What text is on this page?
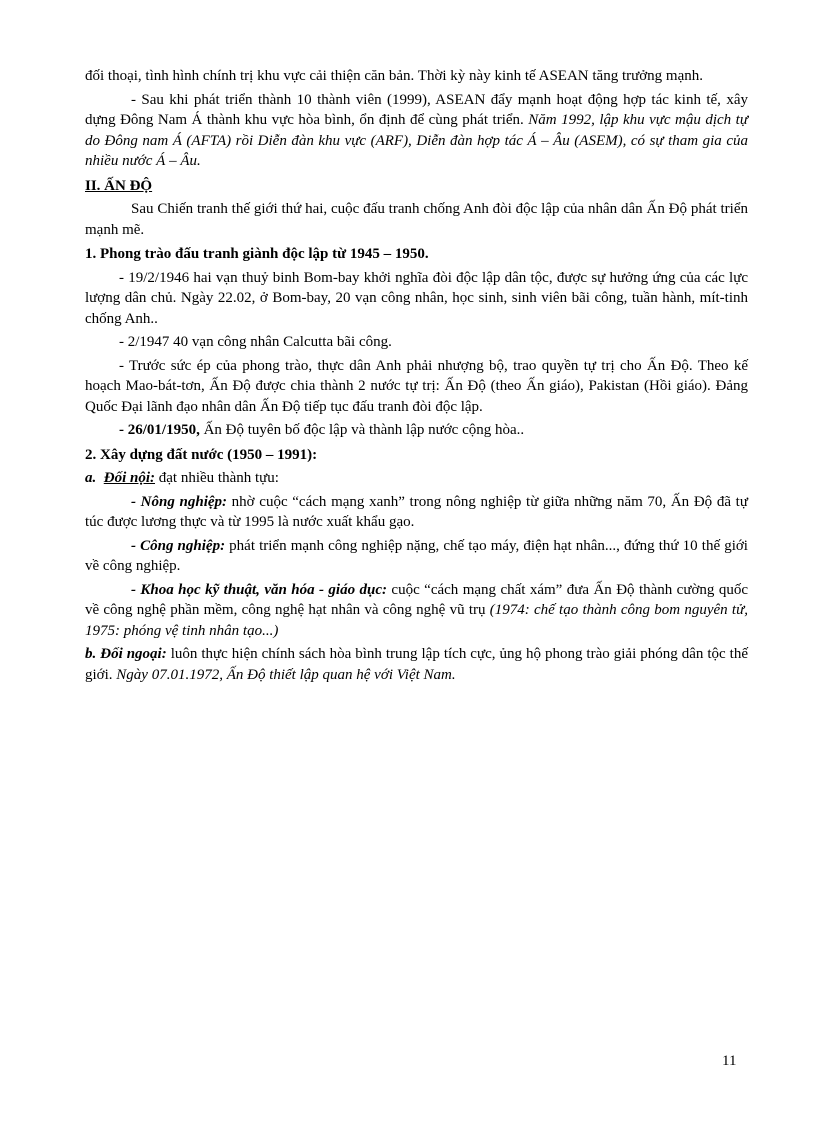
đối thoại, tình hình chính trị khu vực cải thiện căn bản. Thời kỳ này kinh tế ASEAN tăng trưởng mạnh.

- Sau khi phát triển thành 10 thành viên (1999), ASEAN đẩy mạnh hoạt động hợp tác kinh tế, xây dựng Đông Nam Á thành khu vực hòa bình, ổn định để cùng phát triển. Năm 1992, lập khu vực mậu dịch tự do Đông nam Á (AFTA) rồi Diễn đàn khu vực (ARF), Diễn đàn hợp tác Á – Âu (ASEM), có sự tham gia của nhiều nước Á – Âu.

II. ẤN ĐỘ

Sau Chiến tranh thế giới thứ hai, cuộc đấu tranh chống Anh đòi độc lập của nhân dân Ấn Độ phát triển mạnh mẽ.

1. Phong trào đấu tranh giành độc lập từ 1945 – 1950.

- 19/2/1946 hai vạn thuỷ binh Bom-bay khởi nghĩa đòi độc lập dân tộc, được sự hưởng ứng của các lực lượng dân chủ. Ngày 22.02, ở Bom-bay, 20 vạn công nhân, học sinh, sinh viên bãi công, tuần hành, mít-tinh chống Anh..

- 2/1947 40 vạn công nhân Calcutta bãi công.

- Trước sức ép của phong trào, thực dân Anh phải nhượng bộ, trao quyền tự trị cho Ấn Độ. Theo kế hoạch Mao-bát-tơn, Ấn Độ được chia thành 2 nước tự trị: Ấn Độ (theo Ấn giáo), Pakistan (Hồi giáo). Đảng Quốc Đại lãnh đạo nhân dân Ấn Độ tiếp tục đấu tranh đòi độc lập.

- 26/01/1950, Ấn Độ tuyên bố độc lập và thành lập nước cộng hòa..

2. Xây dựng đất nước (1950 – 1991):

a. Đối nội: đạt nhiều thành tựu:

- Nông nghiệp: nhờ cuộc “cách mạng xanh” trong nông nghiệp từ giữa những năm 70, Ấn Độ đã tự túc được lương thực và từ 1995 là nước xuất khẩu gạo.

- Công nghiệp: phát triển mạnh công nghiệp nặng, chế tạo máy, điện hạt nhân..., đứng thứ 10 thế giới về công nghiệp.

- Khoa học kỹ thuật, văn hóa - giáo dục: cuộc “cách mạng chất xám” đưa Ấn Độ thành cường quốc về công nghệ phần mềm, công nghệ hạt nhân và công nghệ vũ trụ (1974: chế tạo thành công bom nguyên tử, 1975: phóng vệ tinh nhân tạo...)

b. Đối ngoại: luôn thực hiện chính sách hòa bình trung lập tích cực, ủng hộ phong trào giải phóng dân tộc thế giới. Ngày 07.01.1972, Ấn Độ thiết lập quan hệ với Việt Nam.

11
